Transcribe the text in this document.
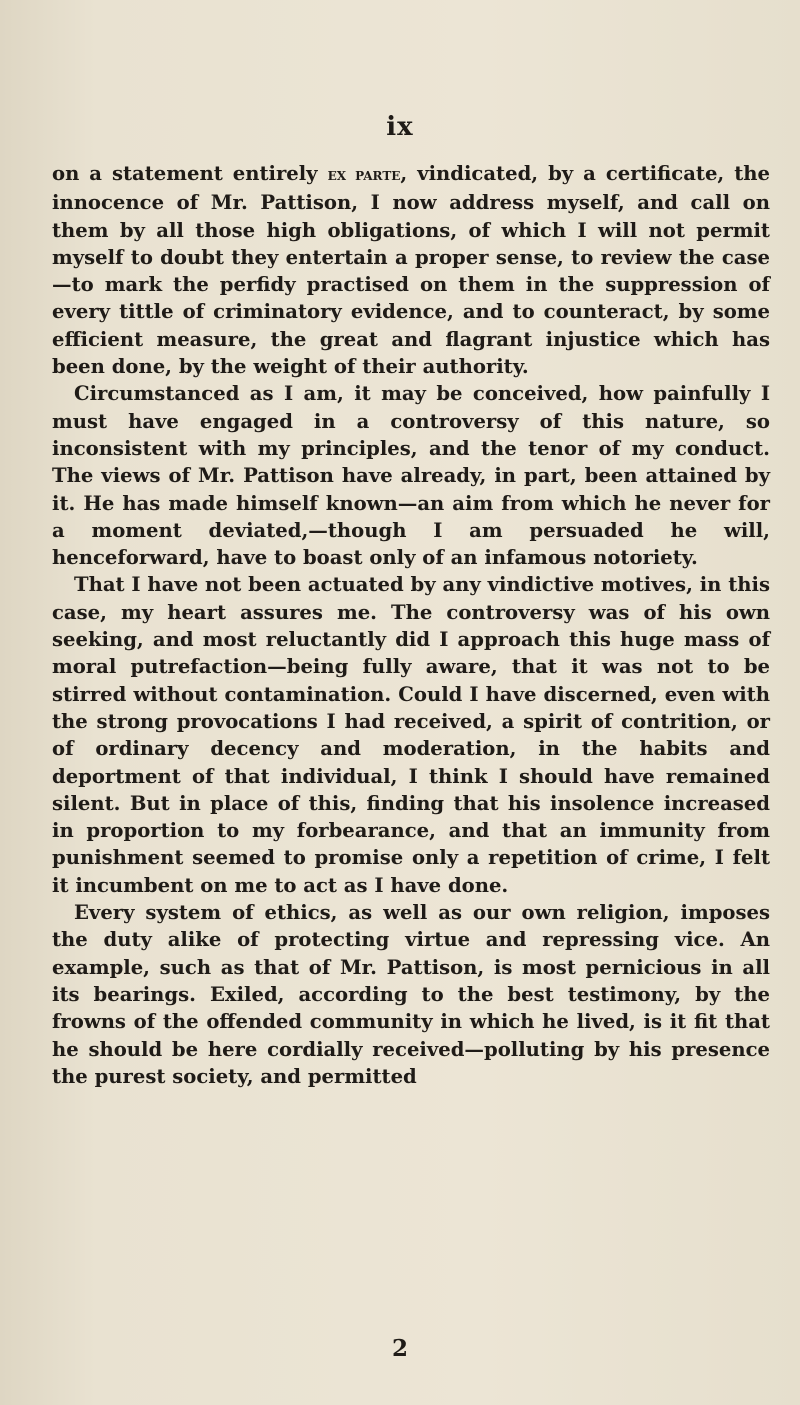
ix

on a statement entirely ex parte, vindicated, by a certificate, the innocence of Mr. Pattison, I now address myself, and call on them by all those high obligations, of which I will not permit myself to doubt they entertain a proper sense, to review the case—to mark the perfidy practised on them in the suppression of every tittle of criminatory evidence, and to counteract, by some efficient measure, the great and flagrant injustice which has been done, by the weight of their authority.

Circumstanced as I am, it may be conceived, how painfully I must have engaged in a controversy of this nature, so inconsistent with my principles, and the tenor of my conduct. The views of Mr. Pattison have already, in part, been attained by it. He has made himself known—an aim from which he never for a moment deviated,—though I am persuaded he will, henceforward, have to boast only of an infamous notoriety.

That I have not been actuated by any vindictive motives, in this case, my heart assures me. The controversy was of his own seeking, and most reluctantly did I approach this huge mass of moral putrefaction—being fully aware, that it was not to be stirred without contamination. Could I have discerned, even with the strong provocations I had received, a spirit of contrition, or of ordinary decency and moderation, in the habits and deportment of that individual, I think I should have remained silent. But in place of this, finding that his insolence increased in proportion to my forbearance, and that an immunity from punishment seemed to promise only a repetition of crime, I felt it incumbent on me to act as I have done.

Every system of ethics, as well as our own religion, imposes the duty alike of protecting virtue and repressing vice. An example, such as that of Mr. Pattison, is most pernicious in all its bearings. Exiled, according to the best testimony, by the frowns of the offended community in which he lived, is it fit that he should be here cordially received—polluting by his presence the purest society, and permitted

2
